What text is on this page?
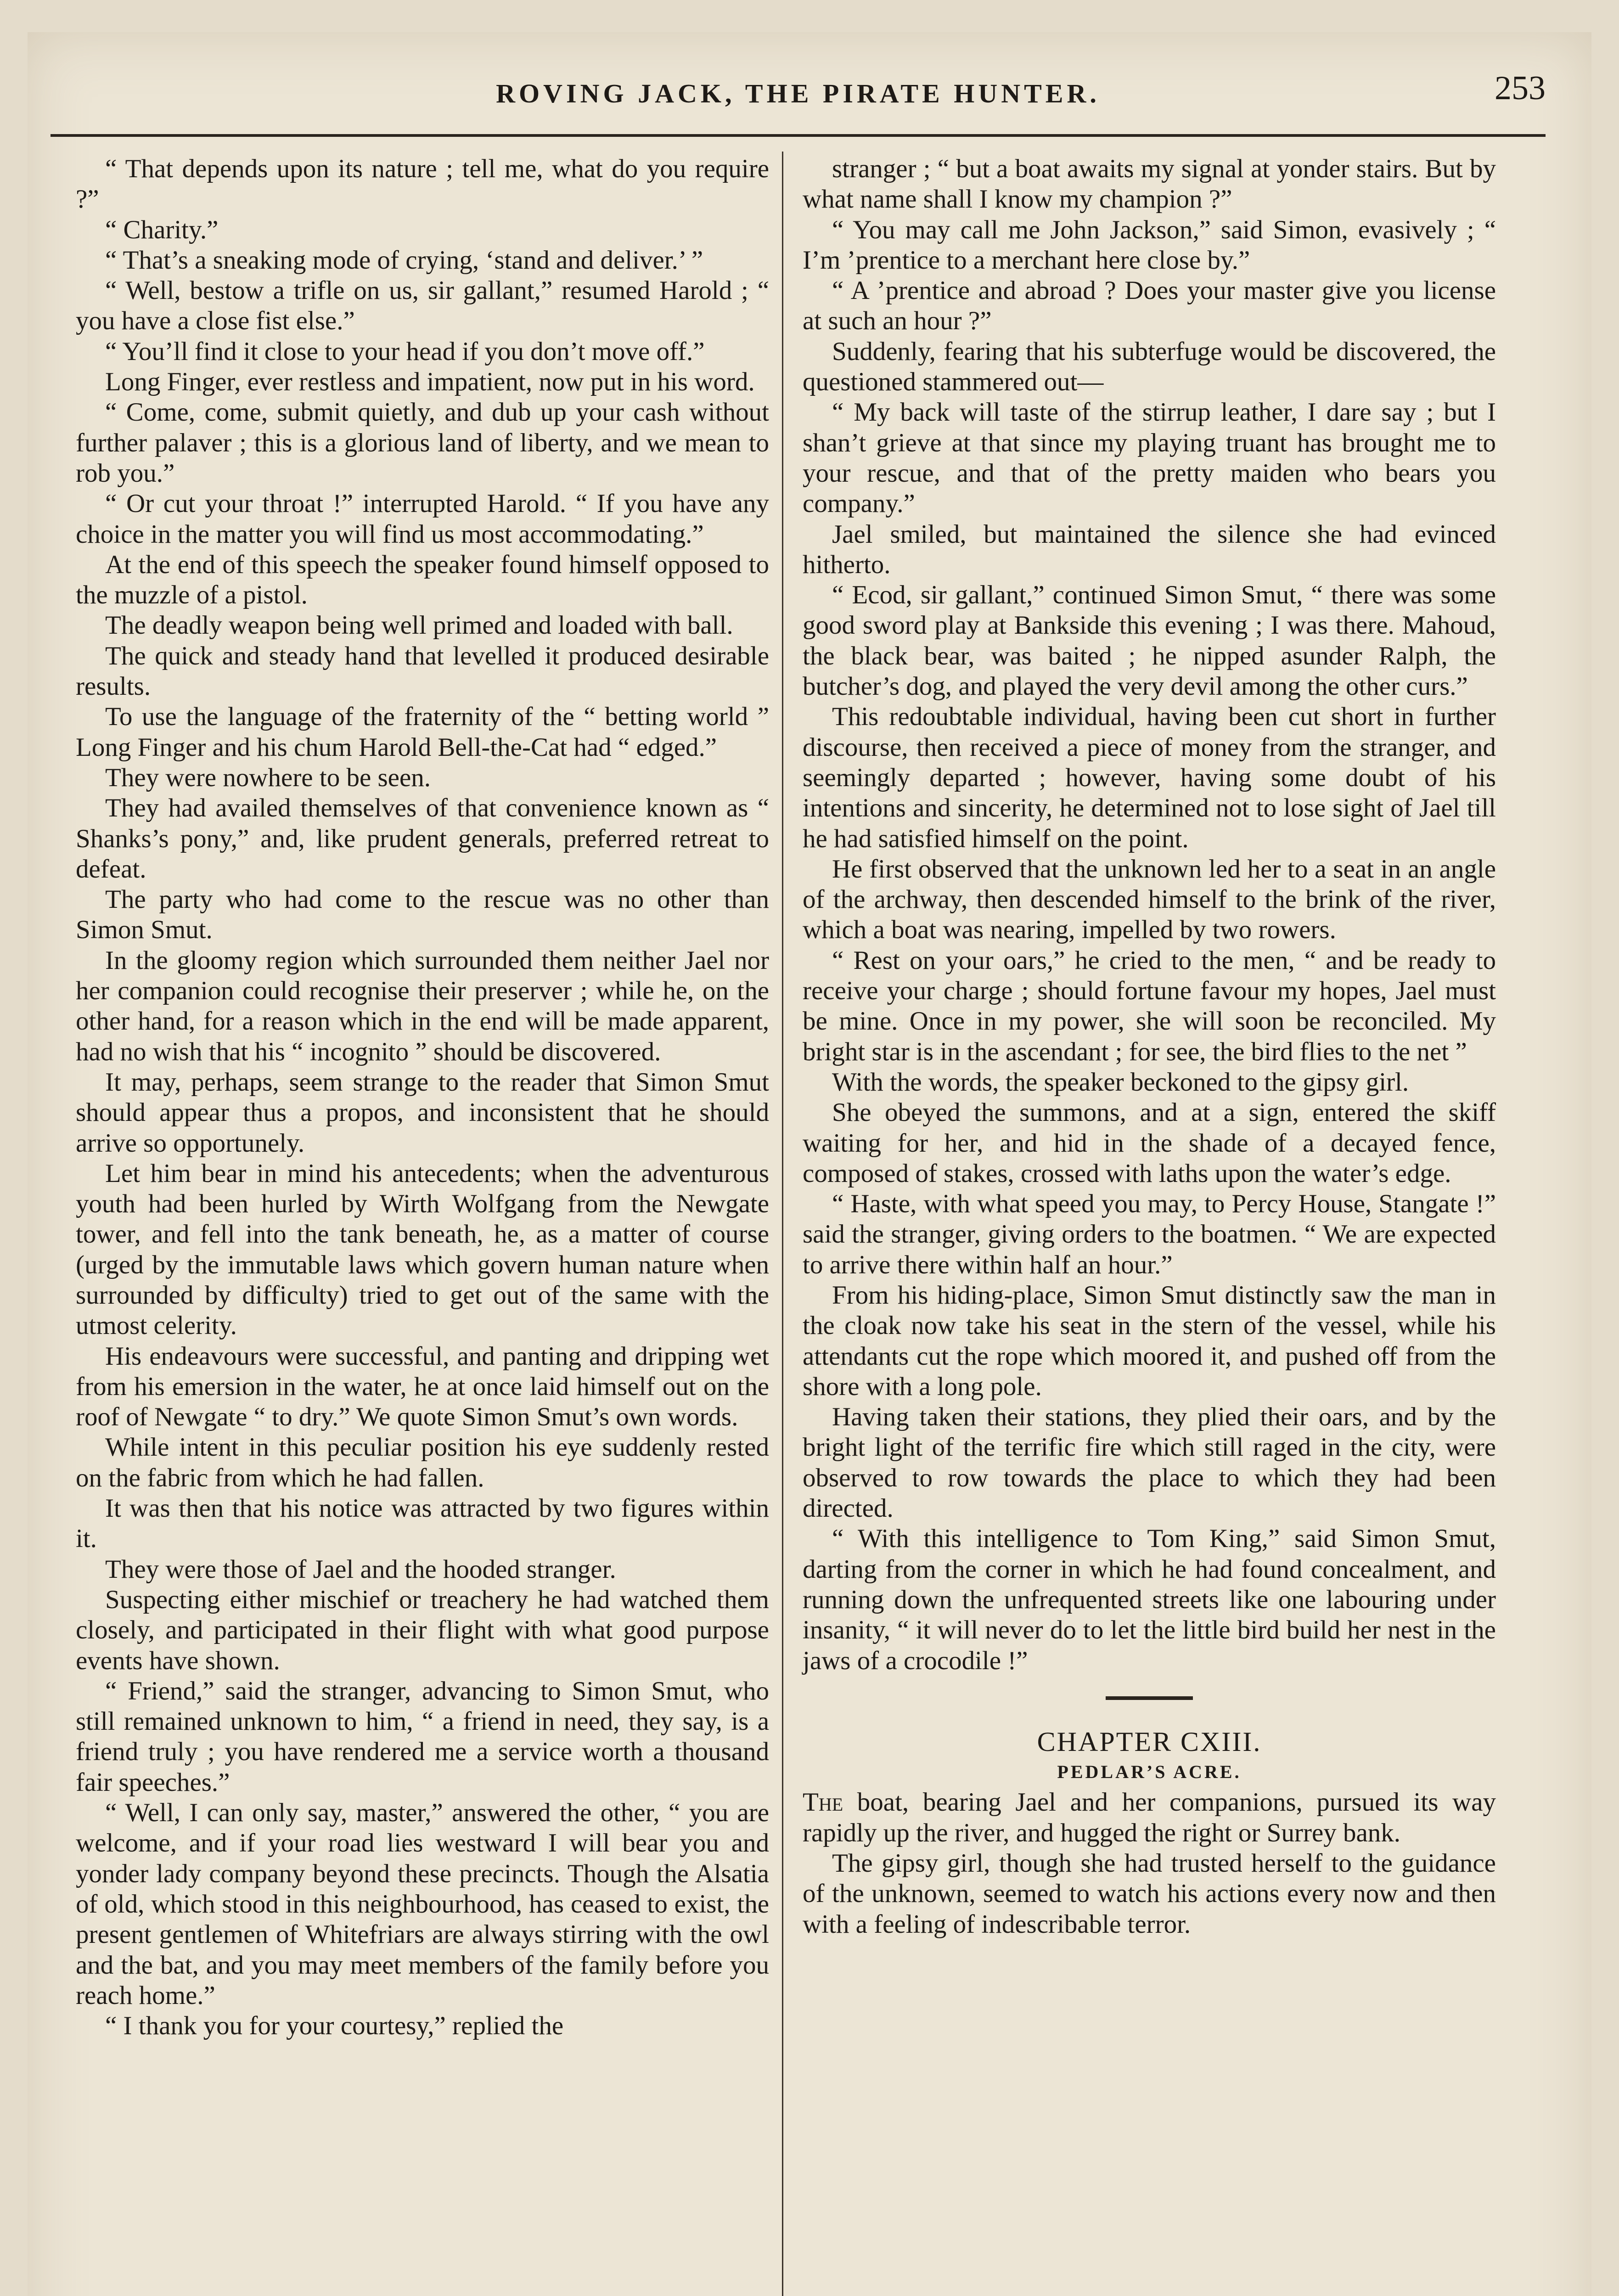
ROVING JACK, THE PIRATE HUNTER.	253

“ That depends upon its nature ; tell me, what do you require ?”

“ Charity.”

“ That’s a sneaking mode of crying, ‘stand and deliver.’ ”

“ Well, bestow a trifle on us, sir gallant,” resumed Harold ; “ you have a close fist else.”

“ You’ll find it close to your head if you don’t move off.”

Long Finger, ever restless and impatient, now put in his word.

“ Come, come, submit quietly, and dub up your cash without further palaver ; this is a glorious land of liberty, and we mean to rob you.”

“ Or cut your throat !” interrupted Harold. “ If you have any choice in the matter you will find us most accommodating.”

At the end of this speech the speaker found himself opposed to the muzzle of a pistol.

The deadly weapon being well primed and loaded with ball.

The quick and steady hand that levelled it produced desirable results.

To use the language of the fraternity of the “ betting world ” Long Finger and his chum Harold Bell-the-Cat had “ edged.”

They were nowhere to be seen.

They had availed themselves of that convenience known as “ Shanks’s pony,” and, like prudent generals, preferred retreat to defeat.

The party who had come to the rescue was no other than Simon Smut.

In the gloomy region which surrounded them neither Jael nor her companion could recognise their preserver ; while he, on the other hand, for a reason which in the end will be made apparent, had no wish that his “ incognito ” should be discovered.

It may, perhaps, seem strange to the reader that Simon Smut should appear thus a propos, and inconsistent that he should arrive so opportunely.

Let him bear in mind his antecedents; when the adventurous youth had been hurled by Wirth Wolfgang from the Newgate tower, and fell into the tank beneath, he, as a matter of course (urged by the immutable laws which govern human nature when surrounded by difficulty) tried to get out of the same with the utmost celerity.

His endeavours were successful, and panting and dripping wet from his emersion in the water, he at once laid himself out on the roof of Newgate “ to dry.” We quote Simon Smut’s own words.

While intent in this peculiar position his eye suddenly rested on the fabric from which he had fallen.

It was then that his notice was attracted by two figures within it.

They were those of Jael and the hooded stranger.

Suspecting either mischief or treachery he had watched them closely, and participated in their flight with what good purpose events have shown.

“ Friend,” said the stranger, advancing to Simon Smut, who still remained unknown to him, “ a friend in need, they say, is a friend truly ; you have rendered me a service worth a thousand fair speeches.”

“ Well, I can only say, master,” answered the other, “ you are welcome, and if your road lies westward I will bear you and yonder lady company beyond these precincts. Though the Alsatia of old, which stood in this neighbourhood, has ceased to exist, the present gentlemen of Whitefriars are always stirring with the owl and the bat, and you may meet members of the family before you reach home.”

“ I thank you for your courtesy,” replied the

stranger ; “ but a boat awaits my signal at yonder stairs. But by what name shall I know my champion ?”

“ You may call me John Jackson,” said Simon, evasively ; “ I’m ’prentice to a merchant here close by.”

“ A ’prentice and abroad ? Does your master give you license at such an hour ?”

Suddenly, fearing that his subterfuge would be discovered, the questioned stammered out—

“ My back will taste of the stirrup leather, I dare say ; but I shan’t grieve at that since my playing truant has brought me to your rescue, and that of the pretty maiden who bears you company.”

Jael smiled, but maintained the silence she had evinced hitherto.

“ Ecod, sir gallant,” continued Simon Smut, “ there was some good sword play at Bankside this evening ; I was there. Mahoud, the black bear, was baited ; he nipped asunder Ralph, the butcher’s dog, and played the very devil among the other curs.”

This redoubtable individual, having been cut short in further discourse, then received a piece of money from the stranger, and seemingly departed ; however, having some doubt of his intentions and sincerity, he determined not to lose sight of Jael till he had satisfied himself on the point.

He first observed that the unknown led her to a seat in an angle of the archway, then descended himself to the brink of the river, which a boat was nearing, impelled by two rowers.

“ Rest on your oars,” he cried to the men, “ and be ready to receive your charge ; should fortune favour my hopes, Jael must be mine. Once in my power, she will soon be reconciled. My bright star is in the ascendant ; for see, the bird flies to the net ”

With the words, the speaker beckoned to the gipsy girl.

She obeyed the summons, and at a sign, entered the skiff waiting for her, and hid in the shade of a decayed fence, composed of stakes, crossed with laths upon the water’s edge.

“ Haste, with what speed you may, to Percy House, Stangate !” said the stranger, giving orders to the boatmen. “ We are expected to arrive there within half an hour.”

From his hiding-place, Simon Smut distinctly saw the man in the cloak now take his seat in the stern of the vessel, while his attendants cut the rope which moored it, and pushed off from the shore with a long pole.

Having taken their stations, they plied their oars, and by the bright light of the terrific fire which still raged in the city, were observed to row towards the place to which they had been directed.

“ With this intelligence to Tom King,” said Simon Smut, darting from the corner in which he had found concealment, and running down the unfrequented streets like one labouring under insanity, “ it will never do to let the little bird build her nest in the jaws of a crocodile !”

CHAPTER CXIII.

PEDLAR’S ACRE.

The boat, bearing Jael and her companions, pursued its way rapidly up the river, and hugged the right or Surrey bank.

The gipsy girl, though she had trusted herself to the guidance of the unknown, seemed to watch his actions every now and then with a feeling of indescribable terror.
